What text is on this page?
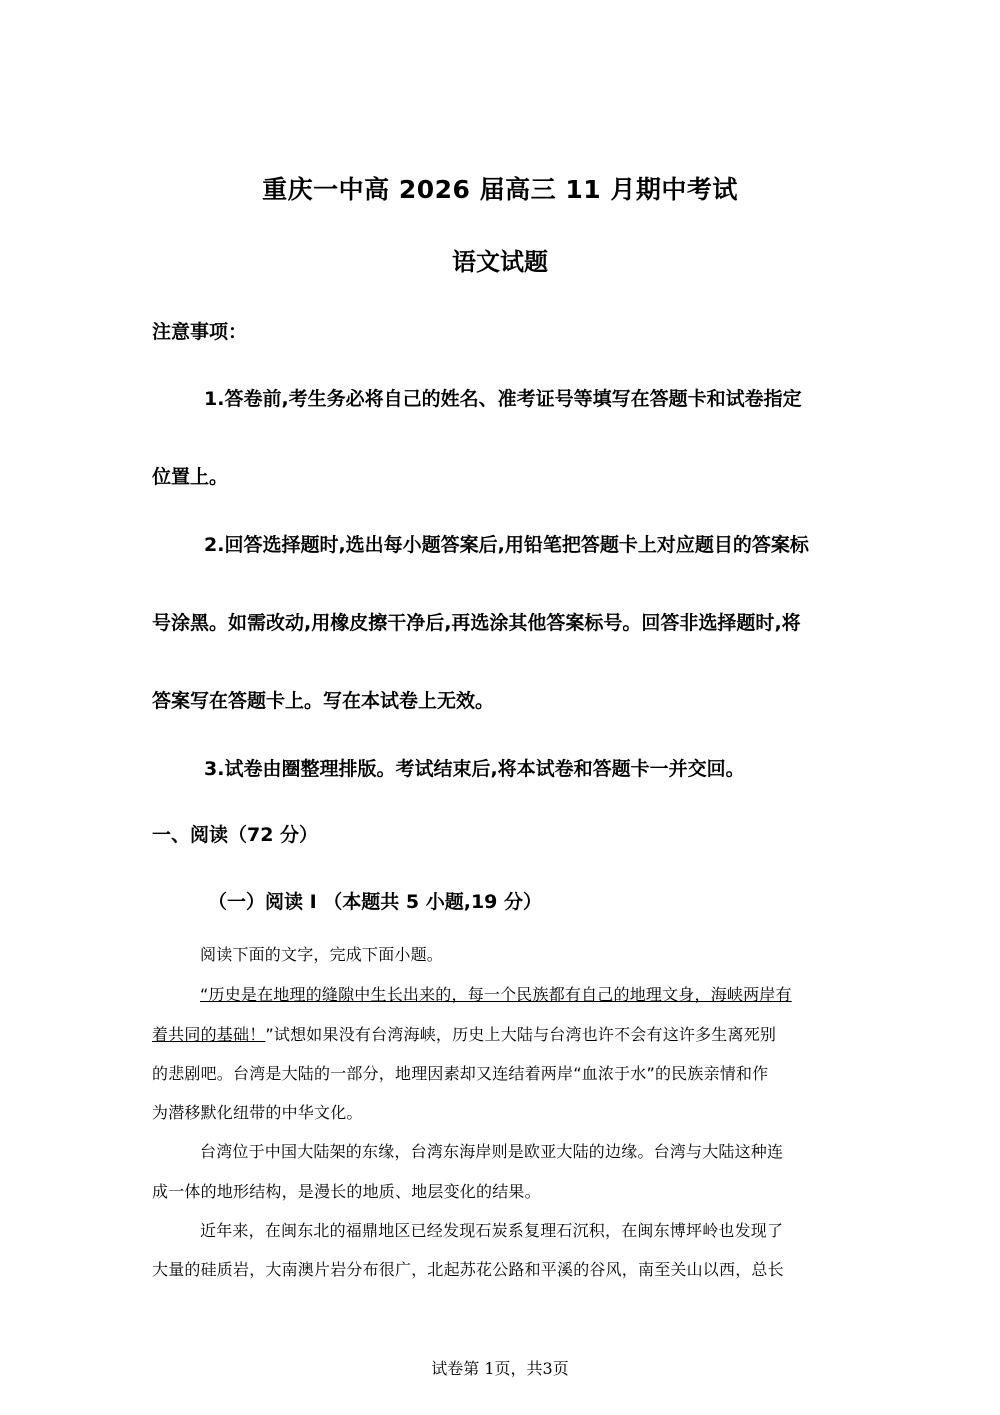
重庆一中高 2026 届高三 11 月期中考试
语文试题
注意事项：
1.答卷前,考生务必将自己的姓名、准考证号等填写在答题卡和试卷指定
位置上。
2.回答选择题时,选出每小题答案后,用铅笔把答题卡上对应题目的答案标
号涂黑。如需改动,用橡皮擦干净后,再选涂其他答案标号。回答非选择题时,将
答案写在答题卡上。写在本试卷上无效。
3.试卷由圈整理排版。考试结束后,将本试卷和答题卡一并交回。
一、阅读（72 分）
（一）阅读 I （本题共 5 小题,19 分）
阅读下面的文字，完成下面小题。
“历史是在地理的缝隙中生长出来的，每一个民族都有自己的地理文身，海峡两岸有
着共同的基础！”试想如果没有台湾海峡，历史上大陆与台湾也许不会有这许多生离死别
的悲剧吧。台湾是大陆的一部分，地理因素却又连结着两岸“血浓于水”的民族亲情和作
为潜移默化纽带的中华文化。
台湾位于中国大陆架的东缘，台湾东海岸则是欧亚大陆的边缘。台湾与大陆这种连
成一体的地形结构，是漫长的地质、地层变化的结果。
近年来，在闽东北的福鼎地区已经发现石炭系复理石沉积，在闽东博坪岭也发现了
大量的硅质岩，大南澳片岩分布很广，北起苏花公路和平溪的谷风，南至关山以西，总长
试卷第 1页，共3页
